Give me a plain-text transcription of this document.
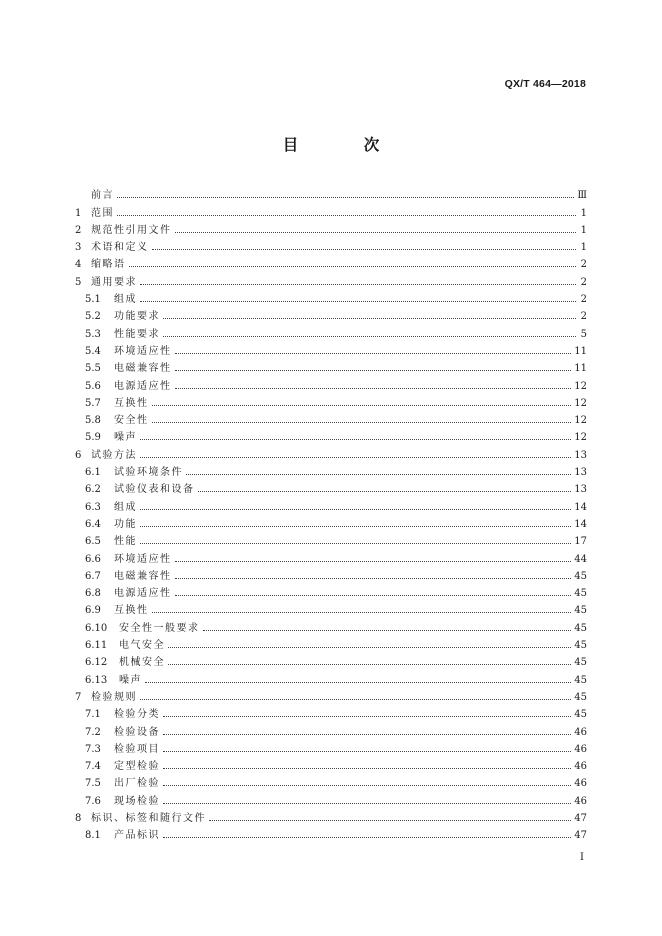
QX/T 464—2018
目 次
前言	Ⅲ
1 范围	1
2 规范性引用文件	1
3 术语和定义	1
4 缩略语	2
5 通用要求	2
5.1	组成	2
5.2	功能要求	2
5.3	性能要求	5
5.4	环境适应性	11
5.5	电磁兼容性	11
5.6	电源适应性	12
5.7	互换性	12
5.8	安全性	12
5.9	噪声	12
6 试验方法	13
6.1	试验环境条件	13
6.2	试验仪表和设备	13
6.3	组成	14
6.4	功能	14
6.5	性能	17
6.6	环境适应性	44
6.7	电磁兼容性	45
6.8	电源适应性	45
6.9	互换性	45
6.10	安全性一般要求	45
6.11	电气安全	45
6.12	机械安全	45
6.13	噪声	45
7 检验规则	45
7.1	检验分类	45
7.2	检验设备	46
7.3	检验项目	46
7.4	定型检验	46
7.5	出厂检验	46
7.6	现场检验	46
8 标识、标签和随行文件	47
8.1	产品标识	47
I
